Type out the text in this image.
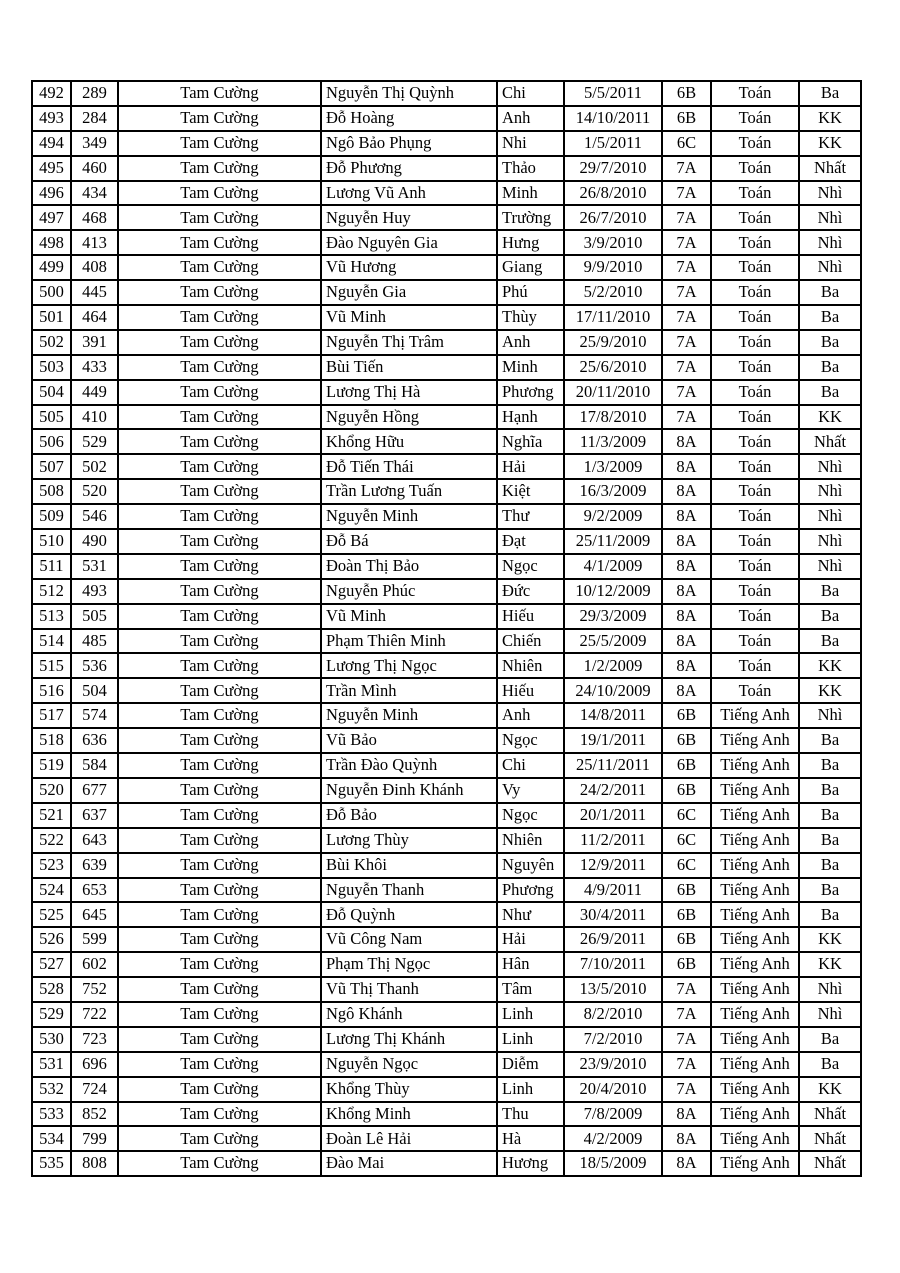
492	289	Tam Cường	Nguyễn Thị Quỳnh	Chi	5/5/2011	6B	Toán	Ba
493	284	Tam Cường	Đỗ Hoàng	Anh	14/10/2011	6B	Toán	KK
494	349	Tam Cường	Ngô Bảo Phụng	Nhi	1/5/2011	6C	Toán	KK
495	460	Tam Cường	Đỗ Phương	Thảo	29/7/2010	7A	Toán	Nhất
496	434	Tam Cường	Lương Vũ Anh	Minh	26/8/2010	7A	Toán	Nhì
497	468	Tam Cường	Nguyễn Huy	Trường	26/7/2010	7A	Toán	Nhì
498	413	Tam Cường	Đào Nguyên Gia	Hưng	3/9/2010	7A	Toán	Nhì
499	408	Tam Cường	Vũ Hương	Giang	9/9/2010	7A	Toán	Nhì
500	445	Tam Cường	Nguyễn Gia	Phú	5/2/2010	7A	Toán	Ba
501	464	Tam Cường	Vũ Minh	Thùy	17/11/2010	7A	Toán	Ba
502	391	Tam Cường	Nguyễn Thị Trâm	Anh	25/9/2010	7A	Toán	Ba
503	433	Tam Cường	Bùi Tiến	Minh	25/6/2010	7A	Toán	Ba
504	449	Tam Cường	Lương Thị Hà	Phương	20/11/2010	7A	Toán	Ba
505	410	Tam Cường	Nguyễn Hồng	Hạnh	17/8/2010	7A	Toán	KK
506	529	Tam Cường	Khổng Hữu	Nghĩa	11/3/2009	8A	Toán	Nhất
507	502	Tam Cường	Đỗ Tiến Thái	Hải	1/3/2009	8A	Toán	Nhì
508	520	Tam Cường	Trần Lương Tuấn	Kiệt	16/3/2009	8A	Toán	Nhì
509	546	Tam Cường	Nguyễn Minh	Thư	9/2/2009	8A	Toán	Nhì
510	490	Tam Cường	Đỗ Bá	Đạt	25/11/2009	8A	Toán	Nhì
511	531	Tam Cường	Đoàn Thị Bảo	Ngọc	4/1/2009	8A	Toán	Nhì
512	493	Tam Cường	Nguyễn Phúc	Đức	10/12/2009	8A	Toán	Ba
513	505	Tam Cường	Vũ Minh	Hiếu	29/3/2009	8A	Toán	Ba
514	485	Tam Cường	Phạm Thiên Minh	Chiến	25/5/2009	8A	Toán	Ba
515	536	Tam Cường	Lương Thị Ngọc	Nhiên	1/2/2009	8A	Toán	KK
516	504	Tam Cường	Trần Mình	Hiếu	24/10/2009	8A	Toán	KK
517	574	Tam Cường	Nguyễn Minh	Anh	14/8/2011	6B	Tiếng Anh	Nhì
518	636	Tam Cường	Vũ Bảo	Ngọc	19/1/2011	6B	Tiếng Anh	Ba
519	584	Tam Cường	Trần Đào Quỳnh	Chi	25/11/2011	6B	Tiếng Anh	Ba
520	677	Tam Cường	Nguyễn Đinh Khánh	Vy	24/2/2011	6B	Tiếng Anh	Ba
521	637	Tam Cường	Đỗ Bảo	Ngọc	20/1/2011	6C	Tiếng Anh	Ba
522	643	Tam Cường	Lương Thùy	Nhiên	11/2/2011	6C	Tiếng Anh	Ba
523	639	Tam Cường	Bùi Khôi	Nguyên	12/9/2011	6C	Tiếng Anh	Ba
524	653	Tam Cường	Nguyễn Thanh	Phương	4/9/2011	6B	Tiếng Anh	Ba
525	645	Tam Cường	Đỗ Quỳnh	Như	30/4/2011	6B	Tiếng Anh	Ba
526	599	Tam Cường	Vũ Công Nam	Hải	26/9/2011	6B	Tiếng Anh	KK
527	602	Tam Cường	Phạm Thị Ngọc	Hân	7/10/2011	6B	Tiếng Anh	KK
528	752	Tam Cường	Vũ Thị Thanh	Tâm	13/5/2010	7A	Tiếng Anh	Nhì
529	722	Tam Cường	Ngô Khánh	Linh	8/2/2010	7A	Tiếng Anh	Nhì
530	723	Tam Cường	Lương Thị Khánh	Linh	7/2/2010	7A	Tiếng Anh	Ba
531	696	Tam Cường	Nguyễn Ngọc	Diễm	23/9/2010	7A	Tiếng Anh	Ba
532	724	Tam Cường	Khổng Thùy	Linh	20/4/2010	7A	Tiếng Anh	KK
533	852	Tam Cường	Khổng Minh	Thu	7/8/2009	8A	Tiếng Anh	Nhất
534	799	Tam Cường	Đoàn Lê Hải	Hà	4/2/2009	8A	Tiếng Anh	Nhất
535	808	Tam Cường	Đào Mai	Hương	18/5/2009	8A	Tiếng Anh	Nhất
